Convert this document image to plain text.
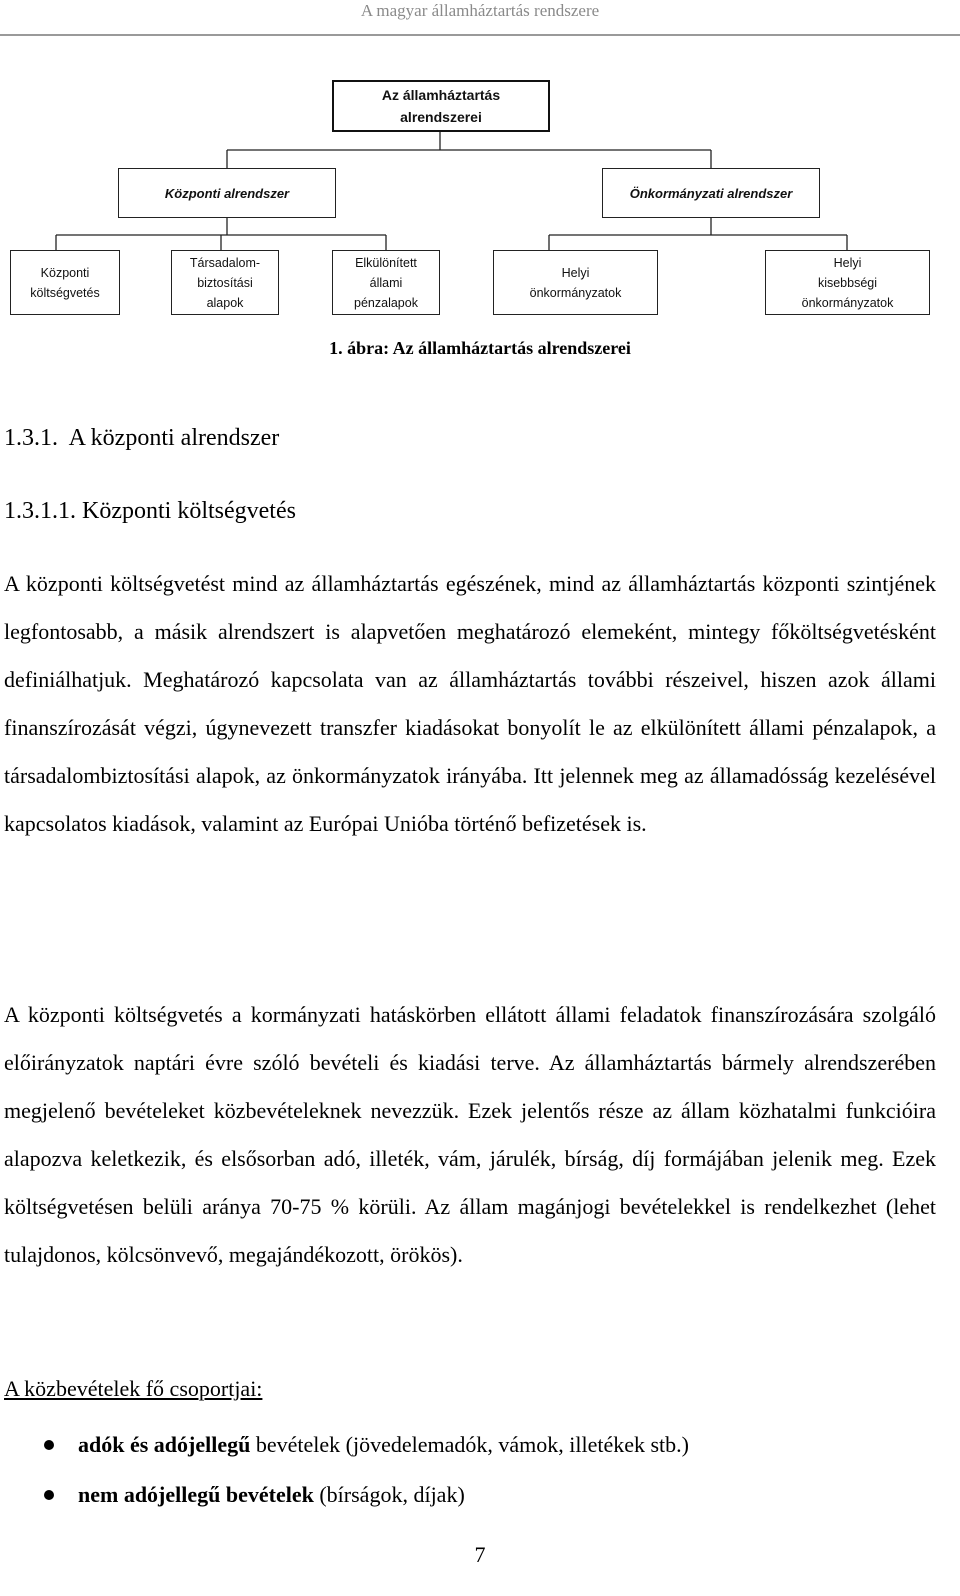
A magyar államháztartás rendszere
Az államháztartás
alrendszerei
Központi alrendszer	Önkormányzati alrendszer
Központi
költségvetés
Társadalom-
biztosítási
alapok
Elkülönített
állami
pénzalapok
Helyi
önkormányzatok
Helyi
kisebbségi
önkormányzatok
1. ábra: Az államháztartás alrendszerei
1.3.1.  A központi alrendszer
1.3.1.1. Központi költségvetés

A központi költségvetést mind az államháztartás egészének, mind az államháztartás központi szintjének legfontosabb, a másik alrendszert is alapvetően meghatározó elemeként, mintegy főköltségvetésként definiálhatjuk. Meghatározó kapcsolata van az államháztartás további részeivel, hiszen azok állami finanszírozását végzi, úgynevezett transzfer kiadásokat bonyolít le az elkülönített állami pénzalapok, a társadalombiztosítási alapok, az önkormányzatok irányába. Itt jelennek meg az államadósság kezelésével kapcsolatos kiadások, valamint az Európai Unióba történő befizetések is.

A központi költségvetés a kormányzati hatáskörben ellátott állami feladatok finanszírozására szolgáló előirányzatok naptári évre szóló bevételi és kiadási terve. Az államháztartás bármely alrendszerében megjelenő bevételeket közbevételeknek nevezzük. Ezek jelentős része az állam közhatalmi funkcióira alapozva keletkezik, és elsősorban adó, illeték, vám, járulék, bírság, díj formájában jelenik meg. Ezek költségvetésen belüli aránya 70-75 % körüli. Az állam magánjogi bevételekkel is rendelkezhet (lehet tulajdonos, kölcsönvevő, megajándékozott, örökös).

A közbevételek fő csoportjai:
adók és adójellegű bevételek (jövedelemadók, vámok, illetékek stb.)
nem adójellegű bevételek (bírságok, díjak)
7
